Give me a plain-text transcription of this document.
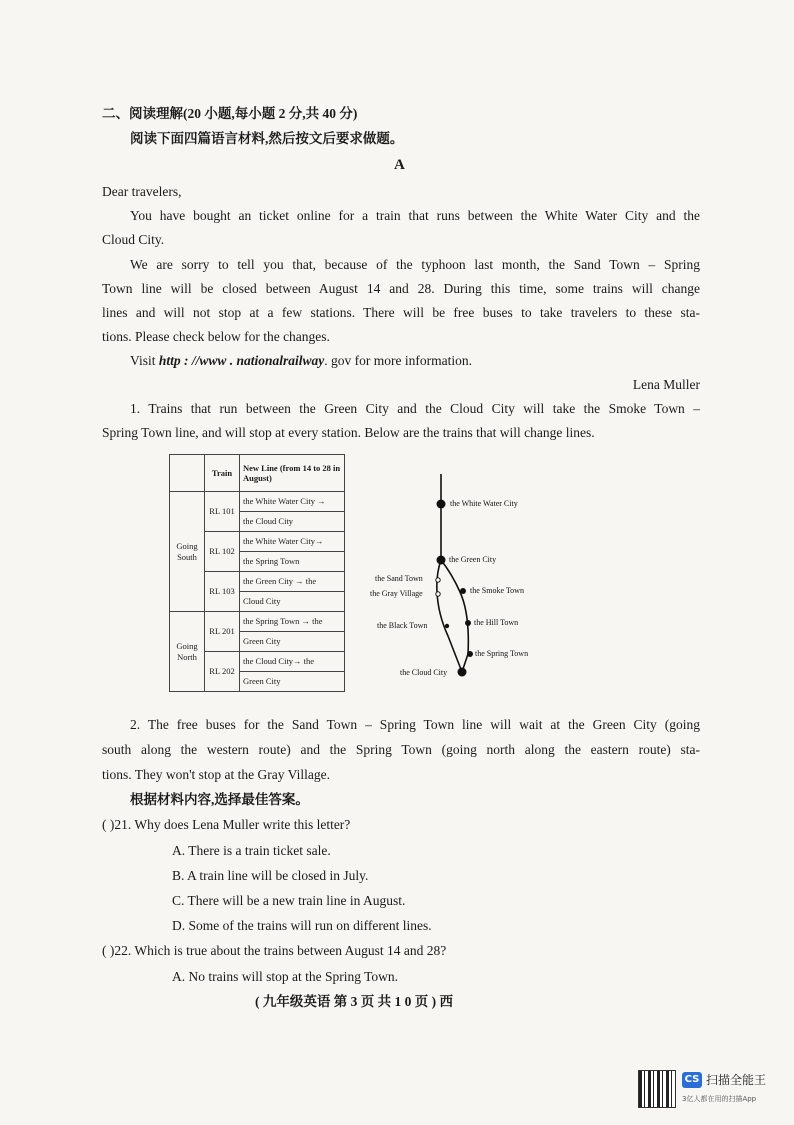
二、阅读理解(20 小题,每小题 2 分,共 40 分)
阅读下面四篇语言材料,然后按文后要求做题。
A
Dear travelers,
You have bought an ticket online for a train that runs between the White Water City and the
Cloud City.
We are sorry to tell you that, because of the typhoon last month, the Sand Town – Spring
Town line will be closed between August 14 and 28. During this time, some trains will change
lines and will not stop at a few stations. There will be free buses to take travelers to these sta-
tions. Please check below for the changes.
Visit http : //www . nationalrailway. gov for more information.
Lena Muller
1. Trains that run between the Green City and the Cloud City will take the Smoke Town –
Spring Town line, and will stop at every station. Below are the trains that will change lines.
	Train	New Line (from 14 to 28 in August)
Going South	RL 101	the White Water City →
		the Cloud City
	RL 102	the White Water City→
		the Spring Town
	RL 103	the Green City → the
		Cloud City
Going North	RL 201	the Spring Town → the
		Green City
	RL 202	the Cloud City→ the
		Green City
the White Water City
the Green City
the Sand Town
the Gray Village
the Black Town
the Smoke Town
the Hill Town
the Spring Town
the Cloud City
2. The free buses for the Sand Town – Spring Town line will wait at the Green City (going
south along the western route) and the Spring Town (going north along the eastern route) sta-
tions. They won't stop at the Gray Village.
根据材料内容,选择最佳答案。
( )21. Why does Lena Muller write this letter?
A. There is a train ticket sale.
B. A train line will be closed in July.
C. There will be a new train line in August.
D. Some of the trains will run on different lines.
( )22. Which is true about the trains between August 14 and 28?
A. No trains will stop at the Spring Town.
( 九年级英语 第 3 页 共 1 0 页 ) 西
CS 扫描全能王
3亿人都在用的扫描App
